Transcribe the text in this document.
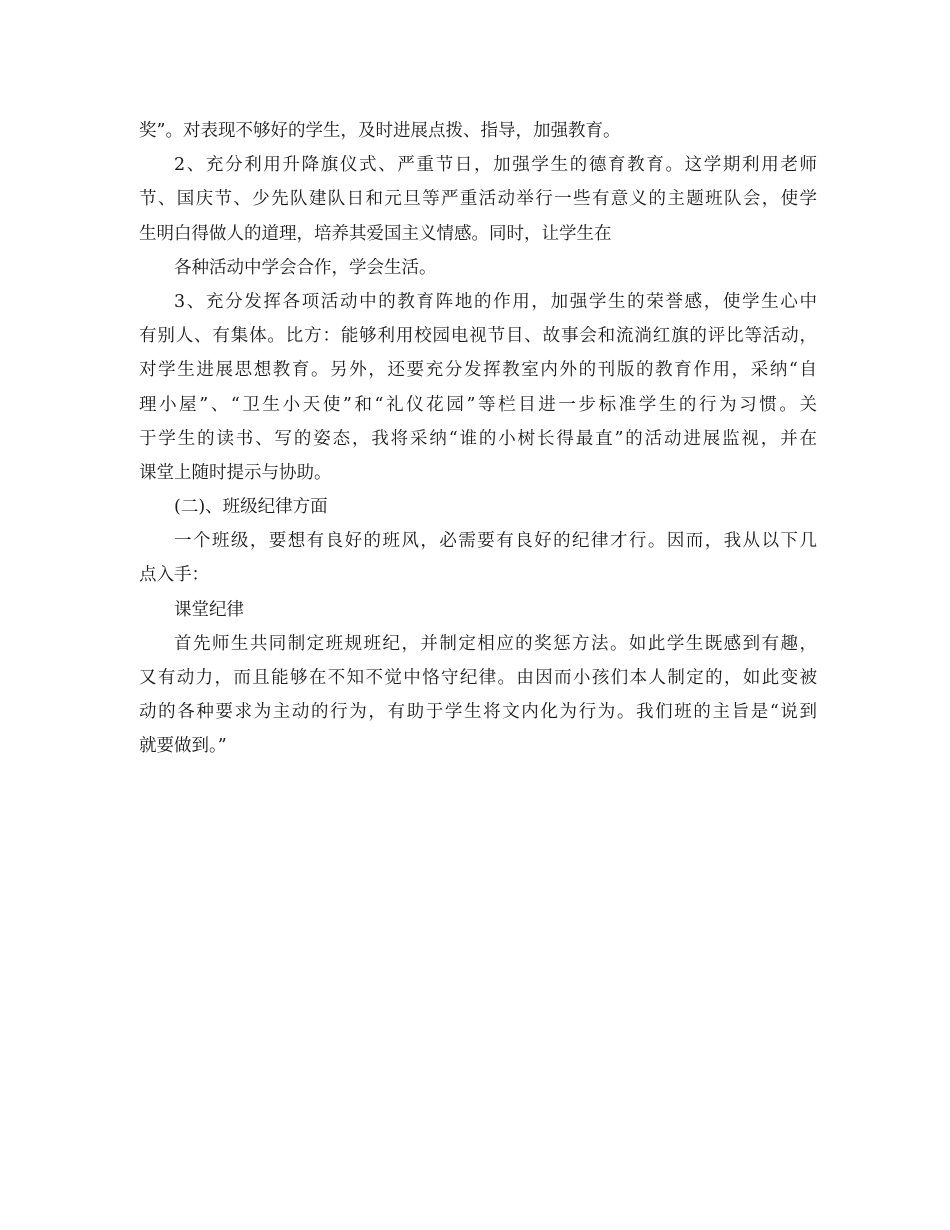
奖”。对表现不够好的学生，及时进展点拨、指导，加强教育。
2、充分利用升降旗仪式、严重节日，加强学生的德育教育。这学期利用老师
节、国庆节、少先队建队日和元旦等严重活动举行一些有意义的主题班队会，使学
生明白得做人的道理，培养其爱国主义情感。同时，让学生在
各种活动中学会合作，学会生活。
3、充分发挥各项活动中的教育阵地的作用，加强学生的荣誉感，使学生心中
有别人、有集体。比方：能够利用校园电视节目、故事会和流淌红旗的评比等活动，
对学生进展思想教育。另外，还要充分发挥教室内外的刊版的教育作用，采纳“自
理小屋”、“卫生小天使”和“礼仪花园”等栏目进一步标准学生的行为习惯。关
于学生的读书、写的姿态，我将采纳“谁的小树长得最直”的活动进展监视，并在
课堂上随时提示与协助。
(二)、班级纪律方面
一个班级，要想有良好的班风，必需要有良好的纪律才行。因而，我从以下几
点入手：
课堂纪律
首先师生共同制定班规班纪，并制定相应的奖惩方法。如此学生既感到有趣，
又有动力，而且能够在不知不觉中恪守纪律。由因而小孩们本人制定的，如此变被
动的各种要求为主动的行为，有助于学生将文内化为行为。我们班的主旨是“说到
就要做到。”
